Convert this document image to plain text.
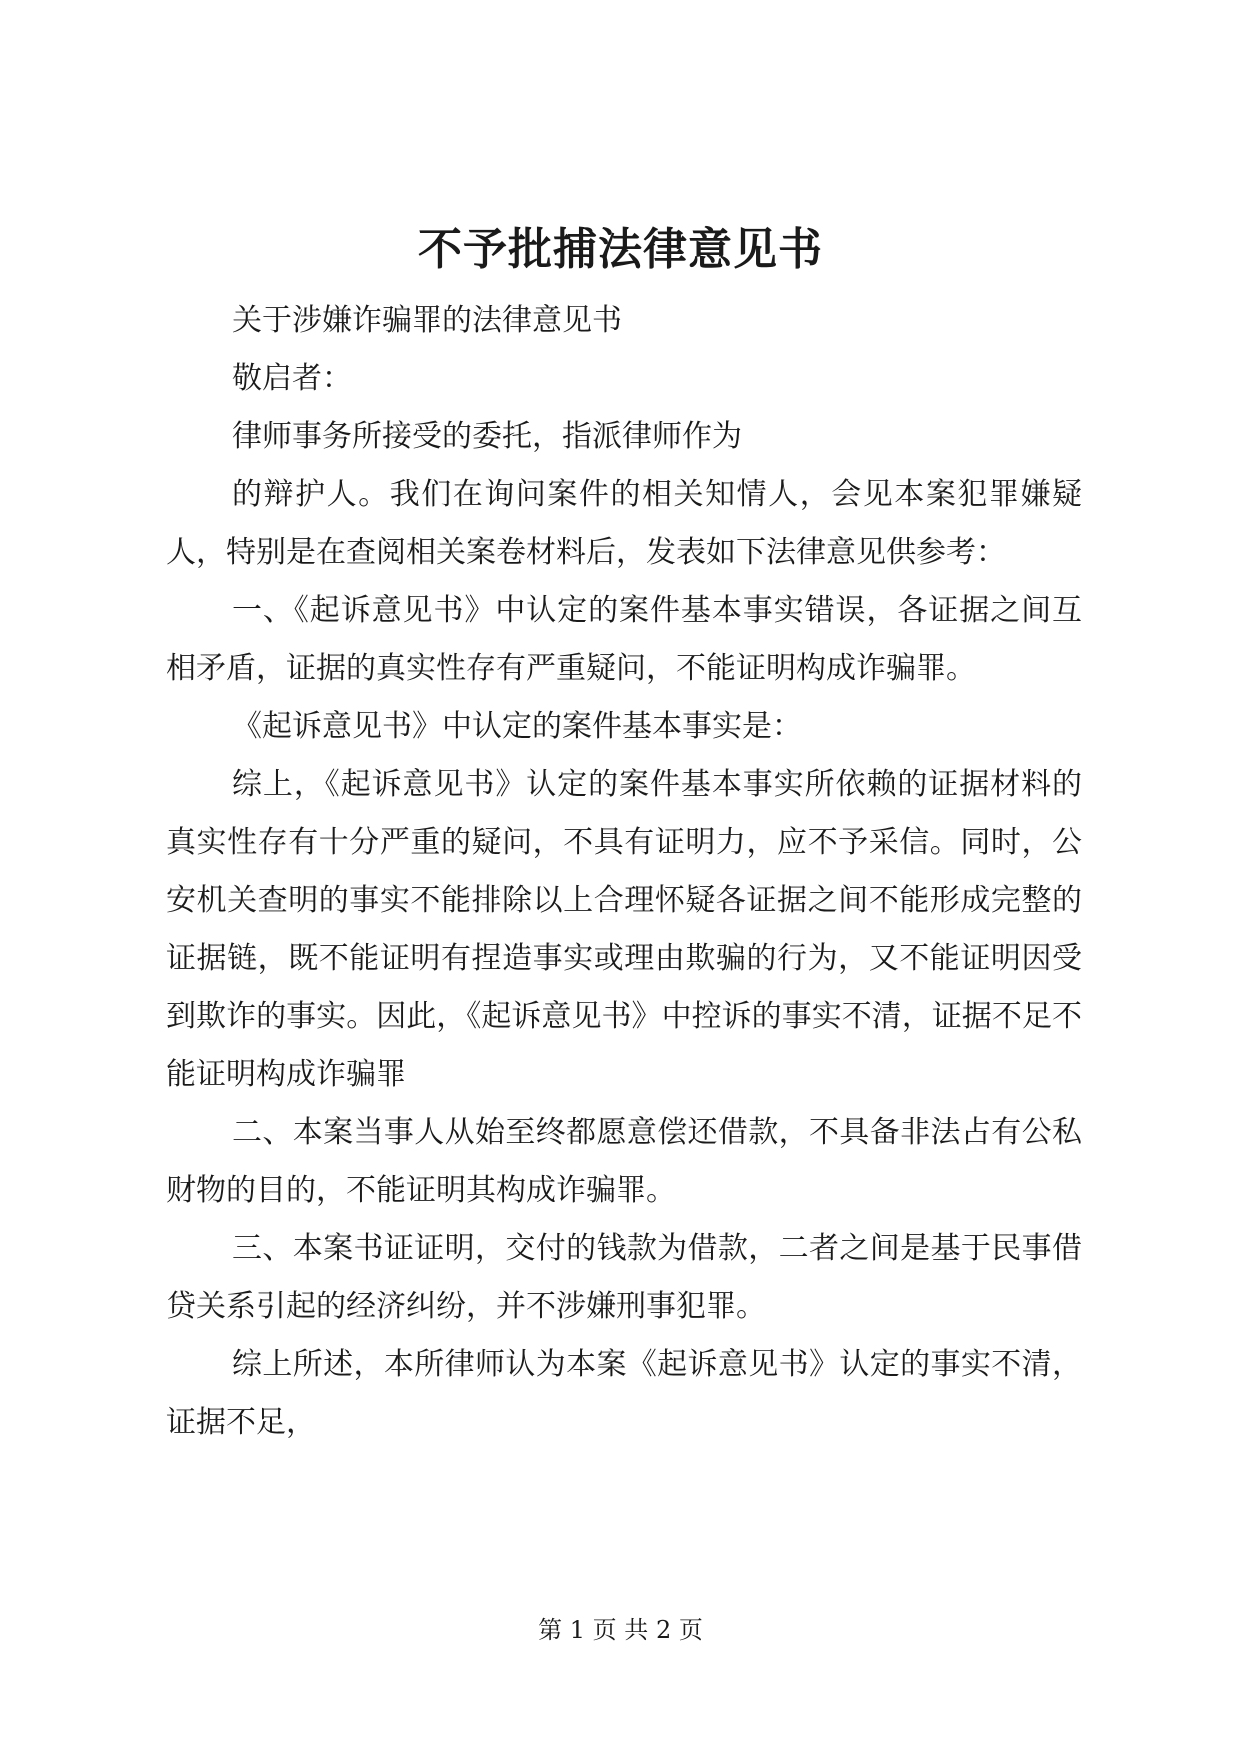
不予批捕法律意见书

关于涉嫌诈骗罪的法律意见书

敬启者：

律师事务所接受的委托，指派律师作为

的辩护人。我们在询问案件的相关知情人，会见本案犯罪嫌疑人，特别是在查阅相关案卷材料后，发表如下法律意见供参考：

一、《起诉意见书》中认定的案件基本事实错误，各证据之间互相矛盾，证据的真实性存有严重疑问，不能证明构成诈骗罪。

《起诉意见书》中认定的案件基本事实是：

综上，《起诉意见书》认定的案件基本事实所依赖的证据材料的真实性存有十分严重的疑问，不具有证明力，应不予采信。同时，公安机关查明的事实不能排除以上合理怀疑各证据之间不能形成完整的证据链，既不能证明有捏造事实或理由欺骗的行为，又不能证明因受到欺诈的事实。因此，《起诉意见书》中控诉的事实不清，证据不足不能证明构成诈骗罪

二、本案当事人从始至终都愿意偿还借款，不具备非法占有公私财物的目的，不能证明其构成诈骗罪。

三、本案书证证明，交付的钱款为借款，二者之间是基于民事借贷关系引起的经济纠纷，并不涉嫌刑事犯罪。

综上所述，本所律师认为本案《起诉意见书》认定的事实不清，证据不足，

第 1 页 共 2 页
